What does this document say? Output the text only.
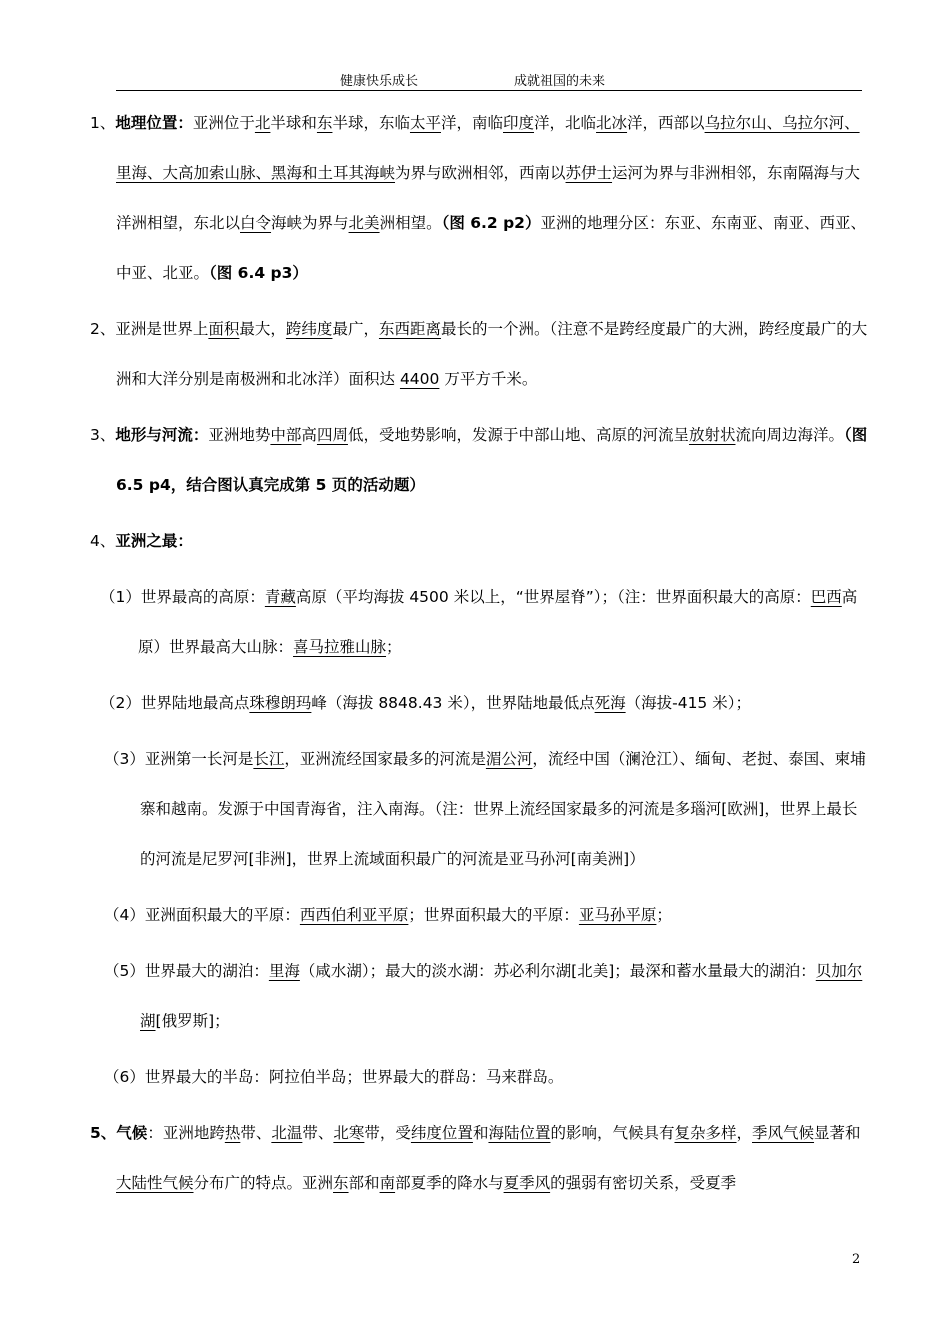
健康快乐成长	成就祖国的未来

1、地理位置：亚洲位于北半球和东半球，东临太平洋，南临印度洋，北临北冰洋，西部以乌拉尔山、乌拉尔河、里海、大高加索山脉、黑海和土耳其海峡为界与欧洲相邻，西南以苏伊士运河为界与非洲相邻，东南隔海与大洋洲相望，东北以白令海峡为界与北美洲相望。（图 6.2 p2）亚洲的地理分区：东亚、东南亚、南亚、西亚、中亚、北亚。（图 6.4 p3）

2、亚洲是世界上面积最大，跨纬度最广，东西距离最长的一个洲。（注意不是跨经度最广的大洲，跨经度最广的大洲和大洋分别是南极洲和北冰洋）面积达 4400 万平方千米。

3、地形与河流：亚洲地势中部高四周低，受地势影响，发源于中部山地、高原的河流呈放射状流向周边海洋。（图 6.5 p4，结合图认真完成第 5 页的活动题）

4、亚洲之最：

（1）世界最高的高原：青藏高原（平均海拔 4500 米以上，“世界屋脊”）；（注：世界面积最大的高原：巴西高原）世界最高大山脉：喜马拉雅山脉；

（2）世界陆地最高点珠穆朗玛峰（海拔 8848.43 米），世界陆地最低点死海（海拔-415 米）；

（3）亚洲第一长河是长江，亚洲流经国家最多的河流是湄公河，流经中国（澜沧江）、缅甸、老挝、泰国、柬埔寨和越南。发源于中国青海省，注入南海。（注：世界上流经国家最多的河流是多瑙河[欧洲]，世界上最长的河流是尼罗河[非洲]，世界上流域面积最广的河流是亚马孙河[南美洲]）

（4）亚洲面积最大的平原：西西伯利亚平原；世界面积最大的平原：亚马孙平原；

（5）世界最大的湖泊：里海（咸水湖）；最大的淡水湖：苏必利尔湖[北美]；最深和蓄水量最大的湖泊：贝加尔湖[俄罗斯]；

（6）世界最大的半岛：阿拉伯半岛；世界最大的群岛：马来群岛。

5、气候：亚洲地跨热带、北温带、北寒带，受纬度位置和海陆位置的影响，气候具有复杂多样，季风气候显著和大陆性气候分布广的特点。亚洲东部和南部夏季的降水与夏季风的强弱有密切关系，受夏季

2
